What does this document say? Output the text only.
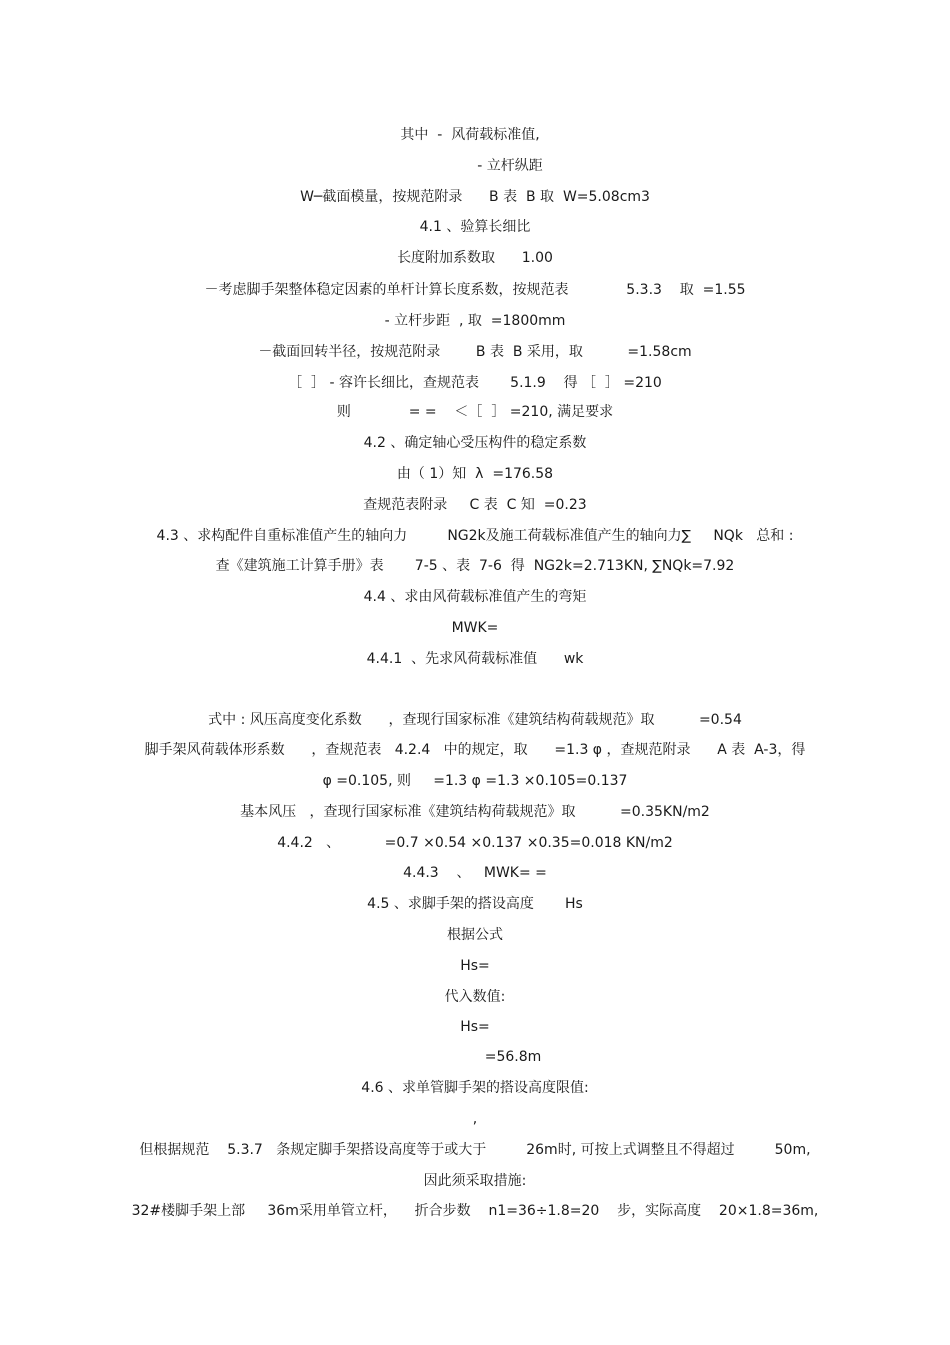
其中  -  风荷载标准值,
- 立杆纵距
W─截面模量，按规范附录      B 表  B 取  W=5.08cm3
4.1 、验算长细比
长度附加系数取      1.00
－考虑脚手架整体稳定因素的单杆计算长度系数，按规范表             5.3.3    取  =1.55
- 立杆步距  , 取  =1800mm
－截面回转半径，按规范附录        B 表  B 采用，取          =1.58cm
［  ］ - 容许长细比，查规范表       5.1.9    得 ［  ］ =210
则             = =    ＜［  ］ =210, 满足要求
4.2 、确定轴心受压构件的稳定系数
由（ 1）知  λ  =176.58
查规范表附录     C 表  C 知  =0.23
4.3 、求构配件自重标准值产生的轴向力         NG2k及施工荷载标准值产生的轴向力∑     NQk   总和 :
查《建筑施工计算手册》表       7-5 、表  7-6  得  NG2k=2.713KN, ∑NQk=7.92
4.4 、求由风荷载标准值产生的弯矩
MWK=
4.4.1  、先求风荷载标准值      wk
式中 : 风压高度变化系数      ，查现行国家标准《建筑结构荷载规范》取          =0.54
脚手架风荷载体形系数      ，查规范表   4.2.4   中的规定，取      =1.3 φ ，查规范附录      A 表  A-3，得
φ =0.105, 则     =1.3 φ =1.3 ×0.105=0.137
基本风压   ，查现行国家标准《建筑结构荷载规范》取          =0.35KN/m2
4.4.2   、          =0.7 ×0.54 ×0.137 ×0.35=0.018 KN/m2
4.4.3    、   MWK= =
4.5 、求脚手架的搭设高度       Hs
根据公式
Hs=
代入数值:
Hs=
=56.8m
4.6 、求单管脚手架的搭设高度限值:
,
但根据规范    5.3.7   条规定脚手架搭设高度等于或大于         26m时, 可按上式调整且不得超过         50m,
因此须采取措施:
32#楼脚手架上部     36m采用单管立杆，    折合步数    n1=36÷1.8=20    步，实际高度    20×1.8=36m,
